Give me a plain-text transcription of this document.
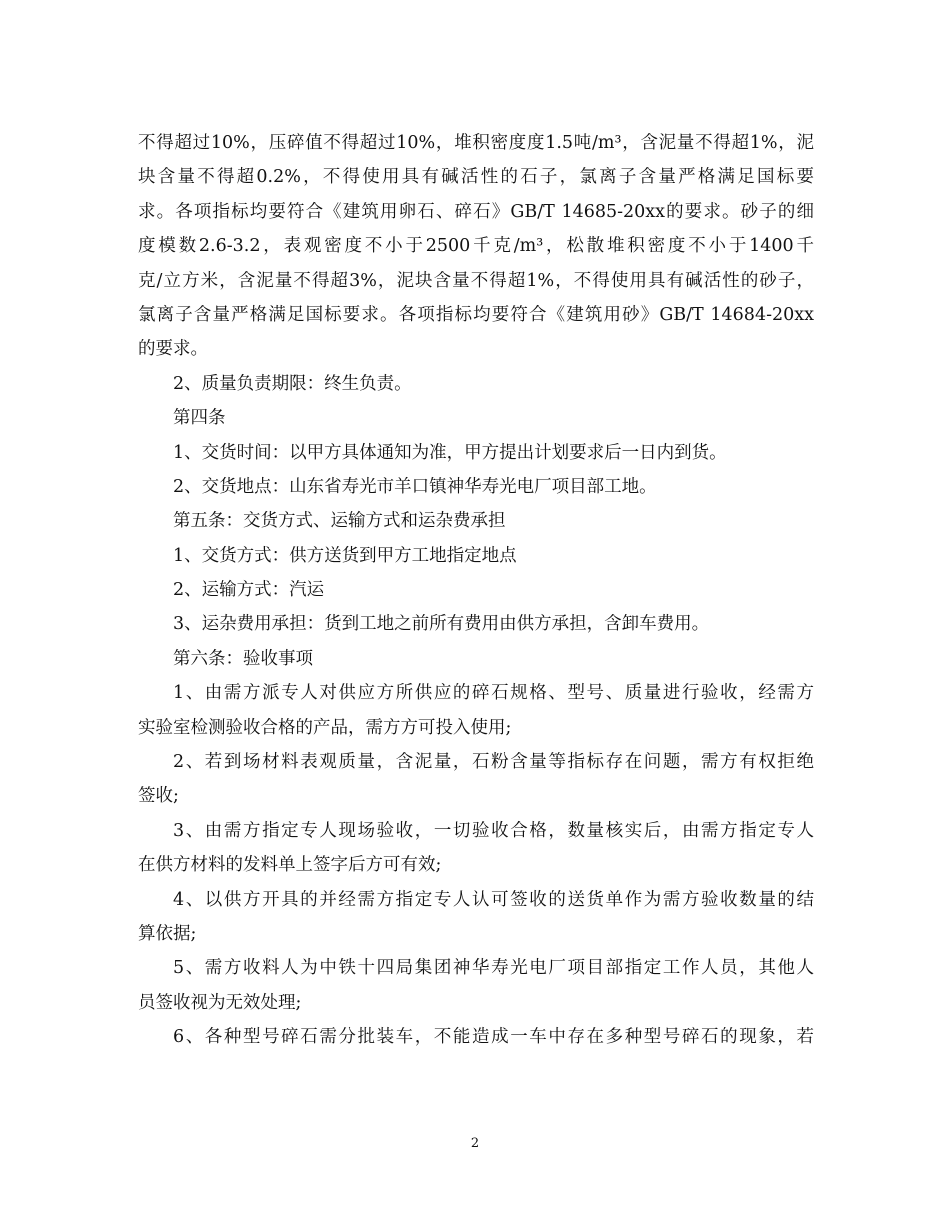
不得超过10%，压碎值不得超过10%，堆积密度度1.5吨/m³，含泥量不得超1%，泥
块含量不得超0.2%，不得使用具有碱活性的石子，氯离子含量严格满足国标要
求。各项指标均要符合《建筑用卵石、碎石》GB/T 14685-20xx的要求。砂子的细
度模数2.6-3.2，表观密度不小于2500千克/m³，松散堆积密度不小于1400千
克/立方米，含泥量不得超3%，泥块含量不得超1%，不得使用具有碱活性的砂子，
氯离子含量严格满足国标要求。各项指标均要符合《建筑用砂》GB/T 14684-20xx
的要求。
2、质量负责期限：终生负责。
第四条
1、交货时间：以甲方具体通知为准，甲方提出计划要求后一日内到货。
2、交货地点：山东省寿光市羊口镇神华寿光电厂项目部工地。
第五条：交货方式、运输方式和运杂费承担
1、交货方式：供方送货到甲方工地指定地点
2、运输方式：汽运
3、运杂费用承担：货到工地之前所有费用由供方承担，含卸车费用。
第六条：验收事项
1、由需方派专人对供应方所供应的碎石规格、型号、质量进行验收，经需方
实验室检测验收合格的产品，需方方可投入使用;
2、若到场材料表观质量，含泥量，石粉含量等指标存在问题，需方有权拒绝
签收;
3、由需方指定专人现场验收，一切验收合格，数量核实后，由需方指定专人
在供方材料的发料单上签字后方可有效;
4、以供方开具的并经需方指定专人认可签收的送货单作为需方验收数量的结
算依据;
5、需方收料人为中铁十四局集团神华寿光电厂项目部指定工作人员，其他人
员签收视为无效处理;
6、各种型号碎石需分批装车，不能造成一车中存在多种型号碎石的现象，若
2
